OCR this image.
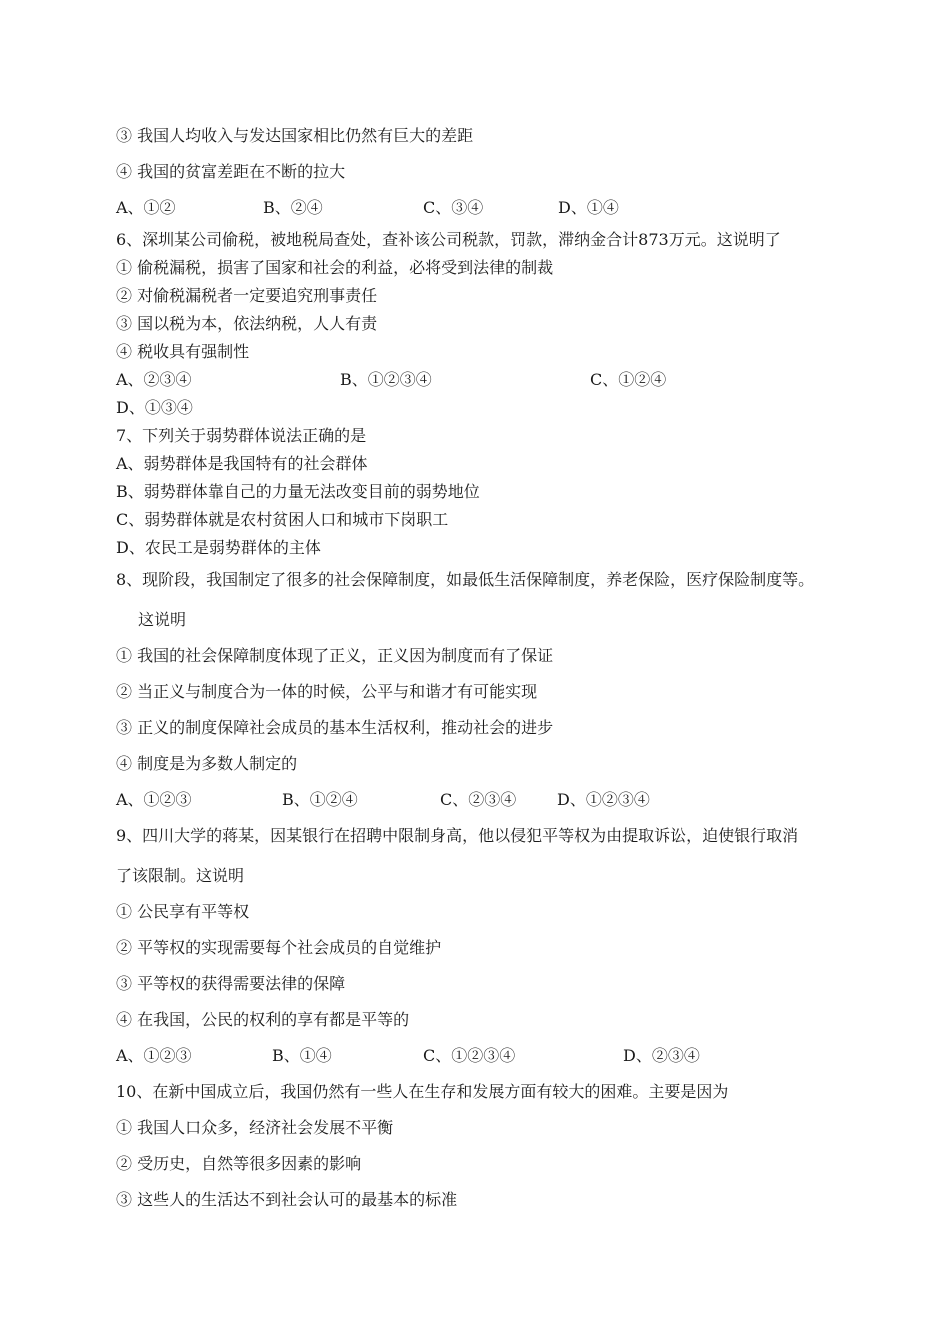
③ 我国人均收入与发达国家相比仍然有巨大的差距
④ 我国的贫富差距在不断的拉大
A、①②	B、②④	C、③④	D、①④
6、深圳某公司偷税，被地税局查处，查补该公司税款，罚款，滞纳金合计873万元。这说明了
① 偷税漏税，损害了国家和社会的利益，必将受到法律的制裁
② 对偷税漏税者一定要追究刑事责任
③ 国以税为本，依法纳税，人人有责
④ 税收具有强制性
A、②③④	B、①②③④	C、①②④
D、①③④
7、下列关于弱势群体说法正确的是
A、弱势群体是我国特有的社会群体
B、弱势群体靠自己的力量无法改变目前的弱势地位
C、弱势群体就是农村贫困人口和城市下岗职工
D、农民工是弱势群体的主体
8、现阶段，我国制定了很多的社会保障制度，如最低生活保障制度，养老保险，医疗保险制度等。
这说明
① 我国的社会保障制度体现了正义，正义因为制度而有了保证
② 当正义与制度合为一体的时候，公平与和谐才有可能实现
③ 正义的制度保障社会成员的基本生活权利，推动社会的进步
④ 制度是为多数人制定的
A、①②③	B、①②④	C、②③④	D、①②③④
9、四川大学的蒋某，因某银行在招聘中限制身高，他以侵犯平等权为由提取诉讼，迫使银行取消
了该限制。这说明
① 公民享有平等权
② 平等权的实现需要每个社会成员的自觉维护
③ 平等权的获得需要法律的保障
④ 在我国，公民的权利的享有都是平等的
A、①②③	B、①④	C、①②③④	D、②③④
10、在新中国成立后，我国仍然有一些人在生存和发展方面有较大的困难。主要是因为
① 我国人口众多，经济社会发展不平衡
② 受历史，自然等很多因素的影响
③ 这些人的生活达不到社会认可的最基本的标准
